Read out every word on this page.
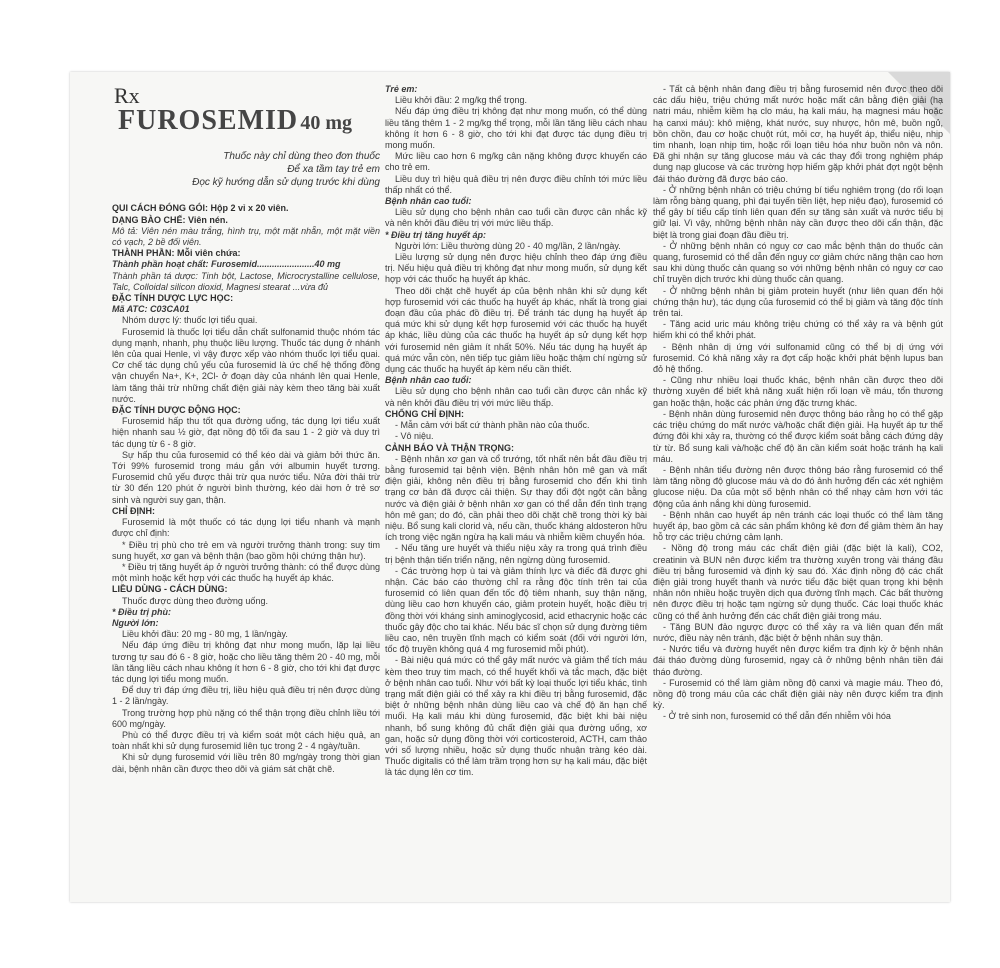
Rx
FUROSEMID 40 mg
Thuốc này chỉ dùng theo đơn thuốc
Để xa tầm tay trẻ em
Đọc kỹ hướng dẫn sử dụng trước khi dùng
QUI CÁCH ĐÓNG GÓI: Hộp 2 vỉ x 20 viên.
DẠNG BÀO CHẾ: Viên nén.
Mô tả: Viên nén màu trắng, hình trụ, một mặt nhẵn, một mặt viền có vạch, 2 bề đối viên.
THÀNH PHẦN: Mỗi viên chứa:
Thành phần hoạt chất: Furosemid.......................40 mg
Thành phần tá dược: Tinh bột, Lactose, Microcrystalline cellulose, Talc, Colloidal silicon dioxid, Magnesi stearat ...vừa đủ
ĐẶC TÍNH DƯỢC LỰC HỌC:
Mã ATC: C03CA01
Nhóm dược lý: thuốc lợi tiểu quai.
Furosemid là thuốc lợi tiểu dẫn chất sulfonamid thuộc nhóm tác dụng mạnh, nhanh, phụ thuộc liều lượng. Thuốc tác dụng ở nhánh lên của quai Henle, vì vậy được xếp vào nhóm thuốc lợi tiểu quai. Cơ chế tác dụng chủ yếu của furosemid là ức chế hệ thống đồng vận chuyển Na+, K+, 2Cl- ở đoạn dày của nhánh lên quai Henle, làm tăng thải trừ những chất điện giải này kèm theo tăng bài xuất nước.
ĐẶC TÍNH DƯỢC ĐỘNG HỌC:
Furosemid hấp thu tốt qua đường uống, tác dụng lợi tiểu xuất hiện nhanh sau ½ giờ, đạt nồng độ tối đa sau 1 - 2 giờ và duy trì tác dụng từ 6 - 8 giờ.
Sự hấp thu của furosemid có thể kéo dài và giảm bởi thức ăn. Tới 99% furosemid trong máu gắn với albumin huyết tương. Furosemid chủ yếu được thải trừ qua nước tiểu. Nửa đời thải trừ từ 30 đến 120 phút ở người bình thường, kéo dài hơn ở trẻ sơ sinh và người suy gan, thận.
CHỈ ĐỊNH:
Furosemid là một thuốc có tác dụng lợi tiểu nhanh và mạnh được chỉ định:
* Điều trị phù cho trẻ em và người trưởng thành trong: suy tim sung huyết, xơ gan và bệnh thận (bao gồm hội chứng thận hư).
* Điều trị tăng huyết áp ở người trưởng thành: có thể được dùng một mình hoặc kết hợp với các thuốc hạ huyết áp khác.
LIỀU DÙNG - CÁCH DÙNG:
Thuốc được dùng theo đường uống.
* Điều trị phù:
Người lớn:
Liều khởi đầu: 20 mg - 80 mg, 1 lần/ngày.
Nếu đáp ứng điều trị không đạt như mong muốn, lặp lại liều tương tự sau đó 6 - 8 giờ, hoặc cho liều tăng thêm 20 - 40 mg, mỗi lần tăng liều cách nhau không ít hơn 6 - 8 giờ, cho tới khi đạt được tác dụng lợi tiểu mong muốn.
Để duy trì đáp ứng điều trị, liều hiệu quả điều trị nên được dùng 1 - 2 lần/ngày.
Trong trường hợp phù nặng có thể thận trọng điều chỉnh liều tới 600 mg/ngày.
Phù có thể được điều trị và kiểm soát một cách hiệu quả, an toàn nhất khi sử dụng furosemid liên tục trong 2 - 4 ngày/tuần.
Khi sử dụng furosemid với liều trên 80 mg/ngày trong thời gian dài, bệnh nhân cần được theo dõi và giám sát chặt chẽ.
Trẻ em:
Liều khởi đầu: 2 mg/kg thể trọng.
Nếu đáp ứng điều trị không đạt như mong muốn, có thể dùng liều tăng thêm 1 - 2 mg/kg thể trọng, mỗi lần tăng liều cách nhau không ít hơn 6 - 8 giờ, cho tới khi đạt được tác dụng điều trị mong muốn.
Mức liều cao hơn 6 mg/kg cân nặng không được khuyến cáo cho trẻ em.
Liều duy trì hiệu quả điều trị nên được điều chỉnh tới mức liều thấp nhất có thể.
Bệnh nhân cao tuổi:
Liều sử dụng cho bệnh nhân cao tuổi cần được cân nhắc kỹ và nên khởi đầu điều trị với mức liều thấp.
* Điều trị tăng huyết áp:
Người lớn: Liều thường dùng 20 - 40 mg/lần, 2 lần/ngày.
Liều lượng sử dụng nên được hiệu chỉnh theo đáp ứng điều trị. Nếu hiệu quả điều trị không đạt như mong muốn, sử dụng kết hợp với các thuốc hạ huyết áp khác.
Theo dõi chặt chẽ huyết áp của bệnh nhân khi sử dụng kết hợp furosemid với các thuốc hạ huyết áp khác, nhất là trong giai đoạn đầu của phác đồ điều trị. Để tránh tác dụng hạ huyết áp quá mức khi sử dụng kết hợp furosemid với các thuốc hạ huyết áp khác, liều dùng của các thuốc hạ huyết áp sử dụng kết hợp với furosemid nên giảm ít nhất 50%. Nếu tác dụng hạ huyết áp quá mức vẫn còn, nên tiếp tục giảm liều hoặc thậm chí ngừng sử dụng các thuốc hạ huyết áp kèm nếu cần thiết.
Bệnh nhân cao tuổi:
Liều sử dụng cho bệnh nhân cao tuổi cần được cân nhắc kỹ và nên khởi đầu điều trị với mức liều thấp.
CHỐNG CHỈ ĐỊNH:
- Mẫn cảm với bất cứ thành phần nào của thuốc.
- Vô niệu.
CẢNH BÁO VÀ THẬN TRỌNG:
- Bệnh nhân xơ gan và cổ trướng, tốt nhất nên bắt đầu điều trị bằng furosemid tại bệnh viện. Bệnh nhân hôn mê gan và mất điện giải, không nên điều trị bằng furosemid cho đến khi tình trạng cơ bản đã được cải thiện. Sự thay đổi đột ngột cân bằng nước và điện giải ở bệnh nhân xơ gan có thể dẫn đến tình trạng hôn mê gan; do đó, cần phải theo dõi chặt chẽ trong thời kỳ bài niệu. Bổ sung kali clorid và, nếu cần, thuốc kháng aldosteron hữu ích trong việc ngăn ngừa hạ kali máu và nhiễm kiềm chuyển hóa.
- Nếu tăng ure huyết và thiểu niệu xảy ra trong quá trình điều trị bệnh thận tiến triển nặng, nên ngừng dùng furosemid.
- Các trường hợp ù tai và giảm thính lực và điếc đã được ghi nhận. Các báo cáo thường chỉ ra rằng độc tính trên tai của furosemid có liên quan đến tốc độ tiêm nhanh, suy thận nặng, dùng liều cao hơn khuyến cáo, giảm protein huyết, hoặc điều trị đồng thời với kháng sinh aminoglycosid, acid ethacrynic hoặc các thuốc gây độc cho tai khác. Nếu bác sĩ chọn sử dụng đường tiêm liều cao, nên truyền tĩnh mạch có kiểm soát (đối với người lớn, tốc độ truyền không quá 4 mg furosemid mỗi phút).
- Bài niệu quá mức có thể gây mất nước và giảm thể tích máu kèm theo truy tim mạch, có thể huyết khối và tắc mạch, đặc biệt ở bệnh nhân cao tuổi. Như với bất kỳ loại thuốc lợi tiểu khác, tình trạng mất điện giải có thể xảy ra khi điều trị bằng furosemid, đặc biệt ở những bệnh nhân dùng liều cao và chế độ ăn hạn chế muối. Hạ kali máu khi dùng furosemid, đặc biệt khi bài niệu nhanh, bổ sung không đủ chất điện giải qua đường uống, xơ gan, hoặc sử dụng đồng thời với corticosteroid, ACTH, cam thảo với số lượng nhiều, hoặc sử dụng thuốc nhuận tràng kéo dài. Thuốc digitalis có thể làm trầm trọng hơn sự hạ kali máu, đặc biệt là tác dụng lên cơ tim.
- Tất cả bệnh nhân đang điều trị bằng furosemid nên được theo dõi các dấu hiệu, triệu chứng mất nước hoặc mất cân bằng điện giải (hạ natri máu, nhiễm kiềm hạ clo máu, hạ kali máu, hạ magnesi máu hoặc hạ canxi máu): khô miệng, khát nước, suy nhược, hôn mê, buồn ngủ, bồn chồn, đau cơ hoặc chuột rút, mỏi cơ, hạ huyết áp, thiểu niệu, nhịp tim nhanh, loạn nhịp tim, hoặc rối loạn tiêu hóa như buồn nôn và nôn. Đã ghi nhận sự tăng glucose máu và các thay đổi trong nghiệm pháp dung nạp glucose và các trường hợp hiếm gặp khởi phát đợt ngột bệnh đái tháo đường đã được báo cáo.
- Ở những bệnh nhân có triệu chứng bí tiểu nghiêm trọng (do rối loạn làm rỗng bàng quang, phì đại tuyến tiền liệt, hẹp niệu đạo), furosemid có thể gây bí tiểu cấp tính liên quan đến sự tăng sản xuất và nước tiểu bị giữ lại. Vì vậy, những bệnh nhân này cần được theo dõi cẩn thận, đặc biệt là trong giai đoạn đầu điều trị.
- Ở những bệnh nhân có nguy cơ cao mắc bệnh thận do thuốc cản quang, furosemid có thể dẫn đến nguy cơ giảm chức năng thận cao hơn sau khi dùng thuốc cản quang so với những bệnh nhân có nguy cơ cao chỉ truyền dịch trước khi dùng thuốc cản quang.
- Ở những bệnh nhân bị giảm protein huyết (như liên quan đến hội chứng thận hư), tác dụng của furosemid có thể bị giảm và tăng độc tính trên tai.
- Tăng acid uric máu không triệu chứng có thể xảy ra và bệnh gút hiếm khi có thể khởi phát.
- Bệnh nhân dị ứng với sulfonamid cũng có thể bị dị ứng với furosemid. Có khả năng xảy ra đợt cấp hoặc khởi phát bệnh lupus ban đỏ hệ thống.
- Cũng như nhiều loại thuốc khác, bệnh nhân cần được theo dõi thường xuyên để biết khả năng xuất hiện rối loạn về máu, tổn thương gan hoặc thận, hoặc các phản ứng đặc trưng khác.
- Bệnh nhân dùng furosemid nên được thông báo rằng họ có thể gặp các triệu chứng do mất nước và/hoặc chất điện giải. Hạ huyết áp tư thế đứng đôi khi xảy ra, thường có thể được kiểm soát bằng cách đứng dậy từ từ. Bổ sung kali và/hoặc chế độ ăn cần kiểm soát hoặc tránh hạ kali máu.
- Bệnh nhân tiểu đường nên được thông báo rằng furosemid có thể làm tăng nồng độ glucose máu và do đó ảnh hưởng đến các xét nghiệm glucose niệu. Da của một số bệnh nhân có thể nhạy cảm hơn với tác động của ánh nắng khi dùng furosemid.
- Bệnh nhân cao huyết áp nên tránh các loại thuốc có thể làm tăng huyết áp, bao gồm cả các sản phẩm không kê đơn để giảm thèm ăn hay hỗ trợ các triệu chứng cảm lạnh.
- Nồng độ trong máu các chất điện giải (đặc biệt là kali), CO2, creatinin và BUN nên được kiểm tra thường xuyên trong vài tháng đầu điều trị bằng furosemid và định kỳ sau đó. Xác định nồng độ các chất điện giải trong huyết thanh và nước tiểu đặc biệt quan trọng khi bệnh nhân nôn nhiều hoặc truyền dịch qua đường tĩnh mạch. Các bất thường nên được điều trị hoặc tạm ngừng sử dụng thuốc. Các loại thuốc khác cũng có thể ảnh hưởng đến các chất điện giải trong máu.
- Tăng BUN đảo ngược được có thể xảy ra và liên quan đến mất nước, điều này nên tránh, đặc biệt ở bệnh nhân suy thận.
- Nước tiểu và đường huyết nên được kiểm tra định kỳ ở bệnh nhân đái tháo đường dùng furosemid, ngay cả ở những bệnh nhân tiền đái tháo đường.
- Furosemid có thể làm giảm nồng độ canxi và magie máu. Theo đó, nồng độ trong máu của các chất điện giải này nên được kiểm tra định kỳ.
- Ở trẻ sinh non, furosemid có thể dẫn đến nhiễm vôi hóa
